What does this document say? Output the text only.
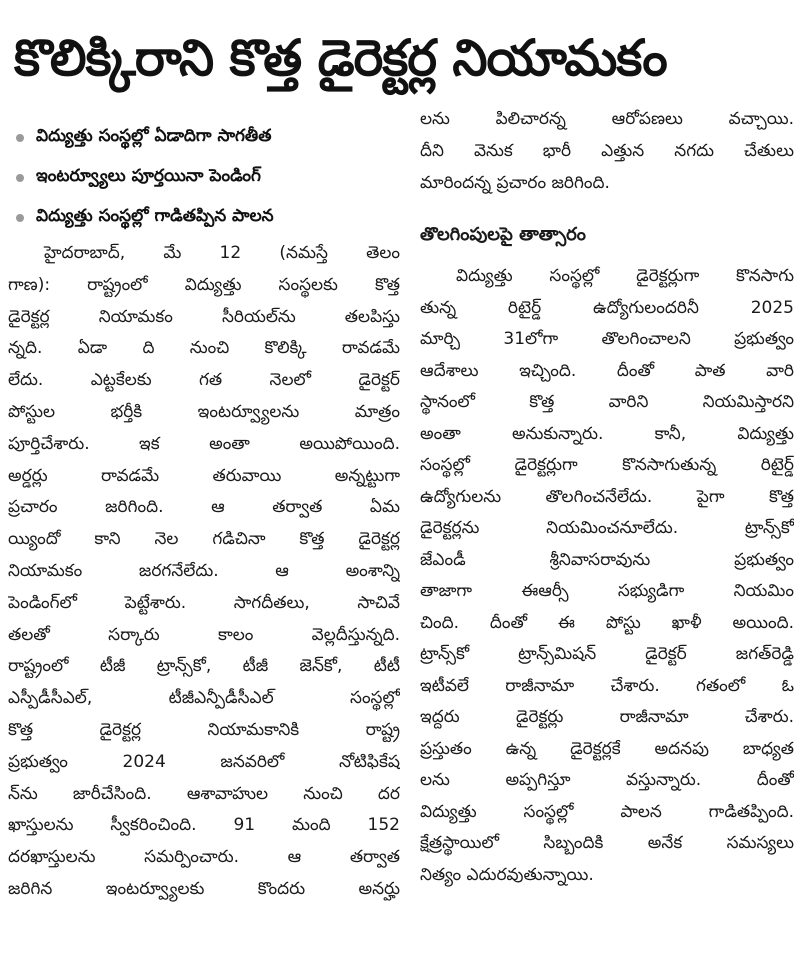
కొలిక్కిరాని కొత్త డైరెక్టర్ల నియామకం
విద్యుత్తు సంస్థల్లో ఏడాదిగా సాగతీత
ఇంటర్వ్యూలు పూర్తయినా పెండింగ్
విద్యుత్తు సంస్థల్లో గాడితప్పిన పాలన
హైదరాబాద్, మే 12 (నమస్తే తెలం
గాణ): రాష్ట్రంలో విద్యుత్తు సంస్థలకు కొత్త
డైరెక్టర్ల నియామకం సీరియల్‌ను తలపిస్తు
న్నది. ఏడా ది నుంచి కొలిక్కి రావడమే
లేదు. ఎట్టకేలకు గత నెలలో డైరెక్టర్
పోస్టుల భర్తీకి ఇంటర్వ్యూలను మాత్రం
పూర్తిచేశారు. ఇక అంతా అయిపోయింది.
అర్డర్లు రావడమే తరువాయి అన్నట్టుగా
ప్రచారం జరిగింది. ఆ తర్వాత ఏమ
య్యిందో కాని నెల గడిచినా కొత్త డైరెక్టర్ల
నియామకం జరగనేలేదు. ఆ అంశాన్ని
పెండింగ్‌లో పెట్టేశారు. సాగదీతలు, సాచివే
తలతో సర్కారు కాలం వెల్లదీస్తున్నది.
రాష్ట్రంలో టీజీ ట్రాన్స్‌కో, టీజీ జెన్‌కో, టీటీ
ఎస్పీడీసీఎల్, టీజీఎన్పీడీసీఎల్ సంస్థల్లో
కొత్త డైరెక్టర్ల నియామకానికి రాష్ట్ర
ప్రభుత్వం 2024 జనవరిలో నోటిఫికేష
న్‌ను జారీచేసింది. ఆశావాహుల నుంచి దర
ఖాస్తులను స్వీకరించింది. 91 మంది 152
దరఖాస్తులను సమర్పించారు. ఆ తర్వాత
జరిగిన ఇంటర్వ్యూలకు కొందరు అనర్హు
లను పిలిచారన్న ఆరోపణలు వచ్చాయి.
దీని వెనుక భారీ ఎత్తున నగదు చేతులు
మారిందన్న ప్రచారం జరిగింది.
తొలగింపులపై తాత్సారం
విద్యుత్తు సంస్థల్లో డైరెక్టర్లుగా కొనసాగు
తున్న రిటైర్డ్ ఉద్యోగులందరినీ 2025
మార్చి 31లోగా తొలగించాలని ప్రభుత్వం
ఆదేశాలు ఇచ్చింది. దీంతో పాత వారి
స్థానంలో కొత్త వారిని నియమిస్తారని
అంతా అనుకున్నారు. కానీ, విద్యుత్తు
సంస్థల్లో డైరెక్టర్లుగా కొనసాగుతున్న రిటైర్డ్
ఉద్యోగులను తొలగించనేలేదు. పైగా కొత్త
డైరెక్టర్లను నియమించనూలేదు. ట్రాన్స్‌కో
జేఎండీ శ్రీనివాసరావును ప్రభుత్వం
తాజాగా ఈఆర్సీ సభ్యుడిగా నియమిం
చింది. దీంతో ఈ పోస్టు ఖాళీ అయింది.
ట్రాన్స్‌కో ట్రాన్స్‌మిషన్ డైరెక్టర్ జగత్‌రెడ్డి
ఇటీవలే రాజీనామా చేశారు. గతంలో ఓ
ఇద్దరు డైరెక్టర్లు రాజీనామా చేశారు.
ప్రస్తుతం ఉన్న డైరెక్టర్లకే అదనపు బాధ్యత
లను అప్పగిస్తూ వస్తున్నారు. దీంతో
విద్యుత్తు సంస్థల్లో పాలన గాడితప్పింది.
క్షేత్రస్థాయిలో సిబ్బందికి అనేక సమస్యలు
నిత్యం ఎదురవుతున్నాయి.
